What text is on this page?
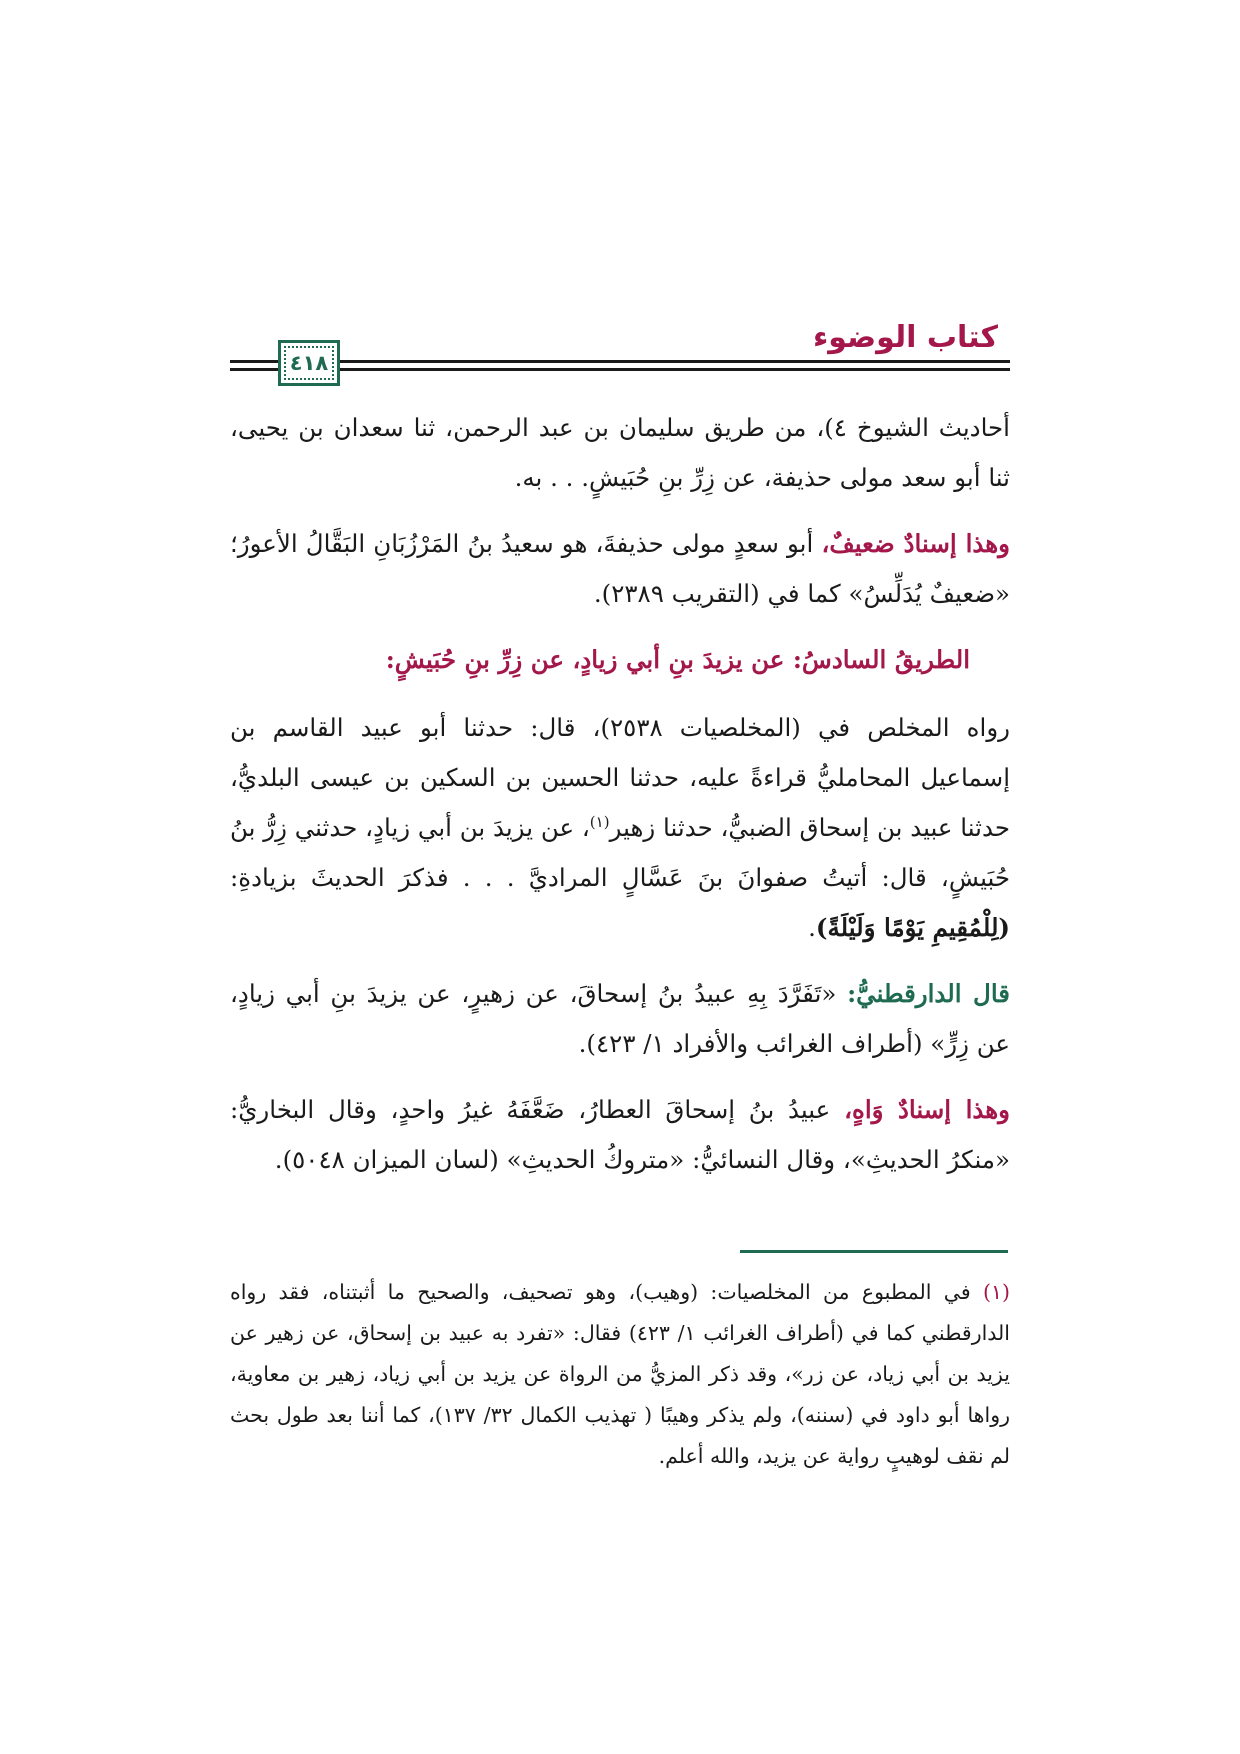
كتاب الوضوء
٤١٨

أحاديث الشيوخ ٤)، من طريق سليمان بن عبد الرحمن، ثنا سعدان بن يحيى، ثنا أبو سعد مولى حذيفة، عن زِرِّ بنِ حُبَيشٍ. . . به.

وهذا إسنادٌ ضعيفٌ، أبو سعدٍ مولى حذيفةَ، هو سعيدُ بنُ المَرْزُبَانِ البَقَّالُ الأعورُ؛ «ضعيفٌ يُدَلِّسُ» كما في (التقريب ٢٣٨٩).

الطريقُ السادسُ: عن يزيدَ بنِ أبي زيادٍ، عن زِرِّ بنِ حُبَيشٍ:

رواه المخلص في (المخلصيات ٢٥٣٨)، قال: حدثنا أبو عبيد القاسم بن إسماعيل المحامليُّ قراءةً عليه، حدثنا الحسين بن السكين بن عيسى البلديُّ، حدثنا عبيد بن إسحاق الضبيُّ، حدثنا زهير$^{(١)}$، عن يزيدَ بن أبي زيادٍ، حدثني زِرُّ بنُ حُبَيشٍ، قال: أتيتُ صفوانَ بنَ عَسَّالٍ المراديَّ . . . فذكرَ الحديثَ بزيادةِ: (لِلْمُقِيمِ يَوْمًا وَلَيْلَةً).

قال الدارقطنيُّ: «تَفَرَّدَ بِهِ عبيدُ بنُ إسحاقَ، عن زهيرٍ، عن يزيدَ بنِ أبي زيادٍ، عن زِرٍّ» (أطراف الغرائب والأفراد ١/ ٤٢٣).

وهذا إسنادٌ وَاهٍ، عبيدُ بنُ إسحاقَ العطارُ، ضَعَّفَهُ غيرُ واحدٍ، وقال البخاريُّ: «منكرُ الحديثِ»، وقال النسائيُّ: «متروكُ الحديثِ» (لسان الميزان ٥٠٤٨).

(١) في المطبوع من المخلصيات: (وهيب)، وهو تصحيف، والصحيح ما أثبتناه، فقد رواه الدارقطني كما في (أطراف الغرائب ١/ ٤٢٣) فقال: «تفرد به عبيد بن إسحاق، عن زهير عن يزيد بن أبي زياد، عن زر»، وقد ذكر المزيُّ من الرواة عن يزيد بن أبي زياد، زهير بن معاوية، رواها أبو داود في (سننه)، ولم يذكر وهيبًا ( تهذيب الكمال ٣٢/ ١٣٧)، كما أننا بعد طول بحث لم نقف لوهيبٍ رواية عن يزيد، والله أعلم.
